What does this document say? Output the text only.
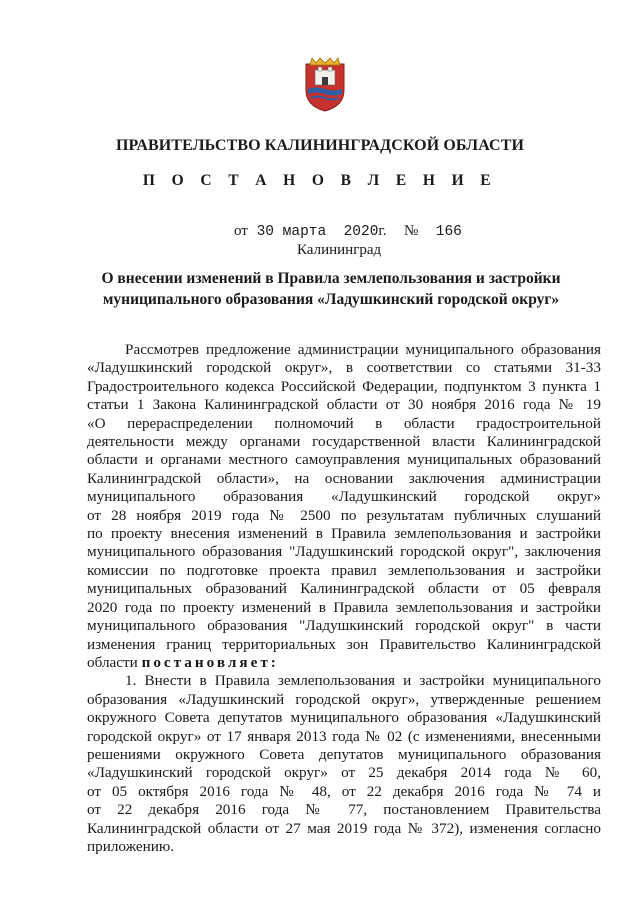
ПРАВИТЕЛЬСТВО КАЛИНИНГРАДСКОЙ ОБЛАСТИ
П О С Т А Н О В Л Е Н И Е
от 30 марта 2020г. № 166
Калининград
О внесении изменений в Правила землепользования и застройки
муниципального образования «Ладушкинский городской округ»
Рассмотрев предложение администрации муниципального образования
«Ладушкинский городской округ», в соответствии со статьями 31-33
Градостроительного кодекса Российской Федерации, подпунктом 3 пункта 1
статьи 1 Закона Калининградской области от 30 ноября 2016 года № 19
«О перераспределении полномочий в области градостроительной
деятельности между органами государственной власти Калининградской
области и органами местного самоуправления муниципальных образований
Калининградской области», на основании заключения администрации
муниципального образования «Ладушкинский городской округ»
от 28 ноября 2019 года № 2500 по результатам публичных слушаний
по проекту внесения изменений в Правила землепользования и застройки
муниципального образования "Ладушкинский городской округ", заключения
комиссии по подготовке проекта правил землепользования и застройки
муниципальных образований Калининградской области от 05 февраля
2020 года по проекту изменений в Правила землепользования и застройки
муниципального образования "Ладушкинский городской округ" в части
изменения границ территориальных зон Правительство Калининградской
области постановляет:
1. Внести в Правила землепользования и застройки муниципального
образования «Ладушкинский городской округ», утвержденные решением
окружного Совета депутатов муниципального образования «Ладушкинский
городской округ» от 17 января 2013 года № 02 (с изменениями, внесенными
решениями окружного Совета депутатов муниципального образования
«Ладушкинский городской округ» от 25 декабря 2014 года № 60,
от 05 октября 2016 года № 48, от 22 декабря 2016 года № 74 и
от 22 декабря 2016 года № 77, постановлением Правительства
Калининградской области от 27 мая 2019 года № 372), изменения согласно
приложению.
